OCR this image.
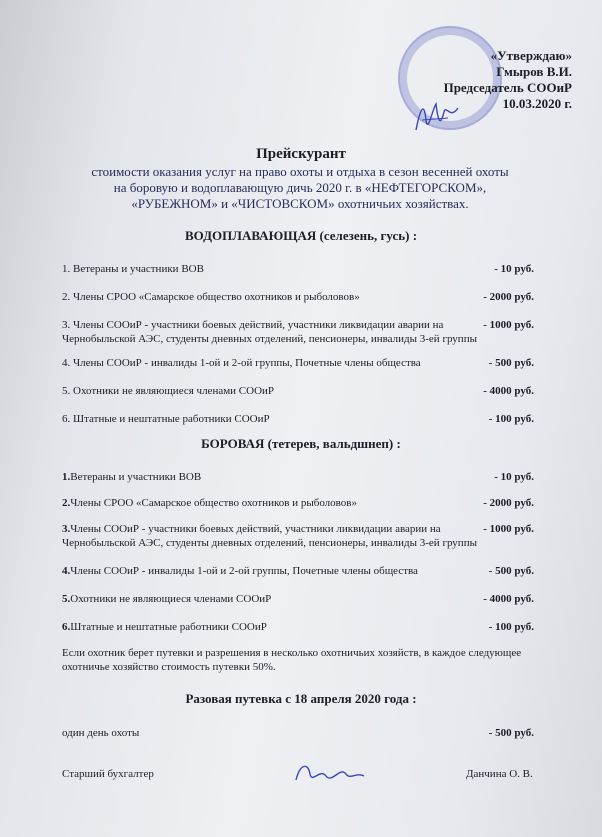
«Утверждаю»
Гмыров В.И.
Председатель СООиР
10.03.2020 г.
Прейскурант
стоимости оказания услуг на право охоты и отдыха в сезон весенней охоты
на боровую и водоплавающую дичь 2020 г. в «НЕФТЕГОРСКОМ»,
«РУБЕЖНОМ» и «ЧИСТОВСКОМ» охотничьих хозяйствах.
ВОДОПЛАВАЮЩАЯ (селезень, гусь) :
1. Ветераны и участники ВОВ	- 10 руб.
2. Члены СРОО «Самарское общество охотников и рыболовов»	- 2000 руб.
3. Члены СООиР - участники боевых действий, участники ликвидации аварии на	- 1000 руб.
Чернобыльской АЭС, студенты дневных отделений, пенсионеры, инвалиды 3-ей группы
4. Члены СООиР - инвалиды 1-ой и 2-ой группы, Почетные члены общества	- 500 руб.
5. Охотники не являющиеся членами СООиР	- 4000 руб.
6. Штатные и нештатные работники СООиР	- 100 руб.
БОРОВАЯ (тетерев, вальдшнеп) :
1.Ветераны и участники ВОВ	- 10 руб.
2.Члены СРОО «Самарское общество охотников и рыболовов»	- 2000 руб.
3.Члены СООиР - участники боевых действий, участники ликвидации аварии на	- 1000 руб.
Чернобыльской АЭС, студенты дневных отделений, пенсионеры, инвалиды 3-ей группы
4.Члены СООиР - инвалиды 1-ой и 2-ой группы, Почетные члены общества	- 500 руб.
5.Охотники не являющиеся членами СООиР	- 4000 руб.
6.Штатные и нештатные работники СООиР	- 100 руб.
Если охотник берет путевки и разрешения в несколько охотничьих хозяйств, в каждое следующее охотничье хозяйство стоимость путевки 50%.
Разовая путевка с 18 апреля 2020 года :
один день охоты	- 500 руб.
Старший бухгалтер	Данчина О. В.
